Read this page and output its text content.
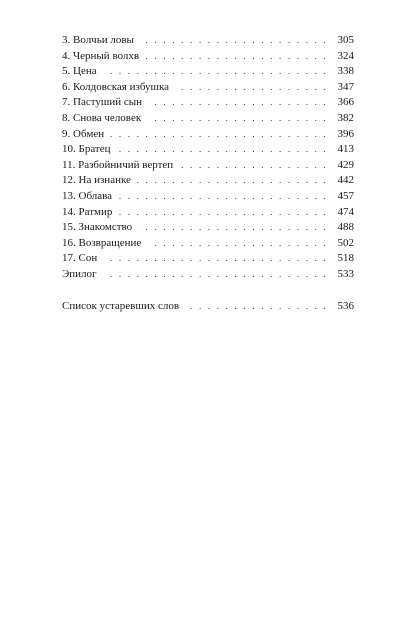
3. Волчьи ловы . . .	305
4. Черный волхв . . .	324
5. Цена . . .	338
6. Колдовская избушка . . .	347
7. Пастуший сын . . .	366
8. Снова человек . . .	382
9. Обмен . . .	396
10. Братец . . .	413
11. Разбойничий вертеп . . .	429
12. На изнанке . . .	442
13. Облава . . .	457
14. Ратмир . . .	474
15. Знакомство . . .	488
16. Возвращение . . .	502
17. Сон . . .	518
Эпилог . . .	533
Список устаревших слов . . .	536
